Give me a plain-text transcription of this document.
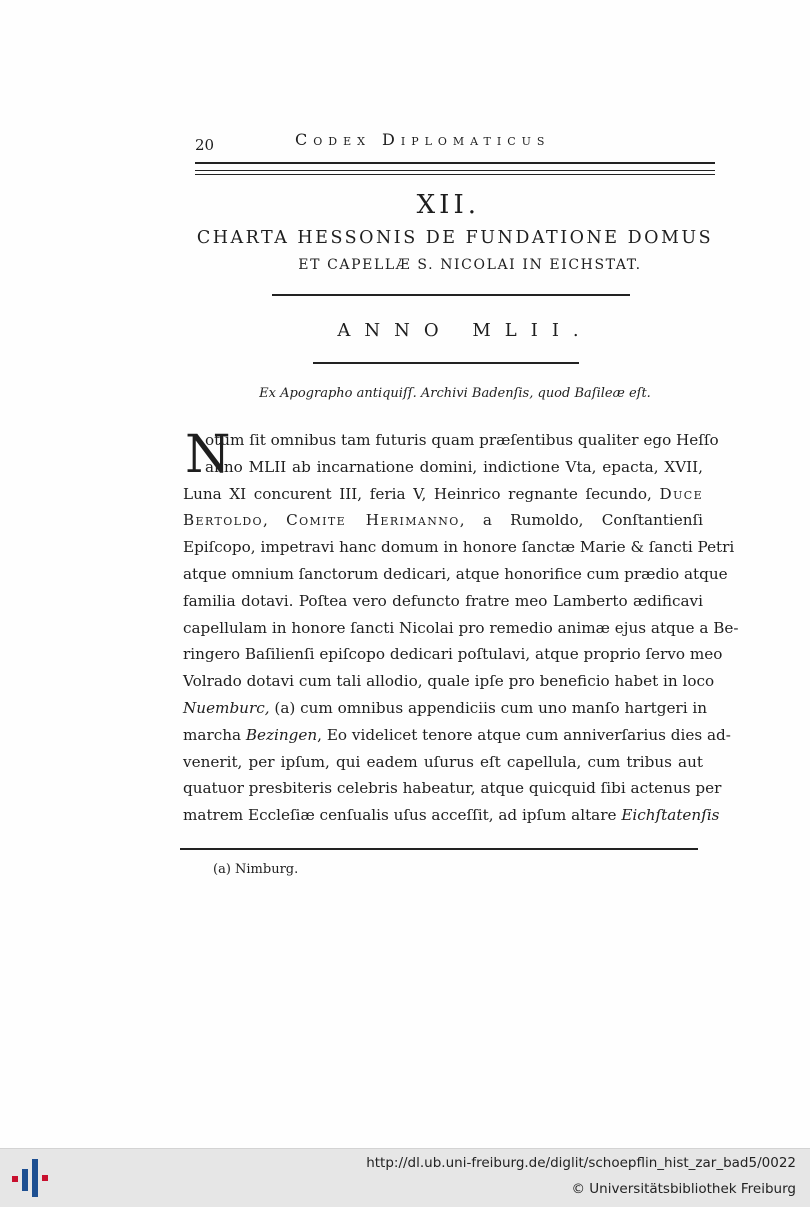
20	Codex Diplomaticus
XII.
CHARTA HESSONIS DE FUNDATIONE DOMUS
ET CAPELLÆ S. NICOLAI IN EICHSTAT.
ANNO MLII.
Ex Apographo antiquiſſ. Archivi Badenſis, quod Baſileæ eſt.
N
otum ſit omnibus tam futuris quam præſentibus qualiter ego Heſſo
anno MLII ab incarnatione domini, indictione Vta, epacta, XVII,
Luna XI concurent III, feria V, Heinrico regnante ſecundo, Duce
Bertoldo, Comite Herimanno, a Rumoldo, Conſtantienſi
Epiſcopo, impetravi hanc domum in honore ſanctæ Marie & ſancti Petri
atque omnium ſanctorum dedicari, atque honorifice cum prædio atque
familia dotavi. Poſtea vero defuncto fratre meo Lamberto ædificavi
capellulam in honore ſancti Nicolai pro remedio animæ ejus atque a Be-
ringero Baſilienſi epiſcopo dedicari poſtulavi, atque proprio ſervo meo
Volrado dotavi cum tali allodio, quale ipſe pro beneficio habet in loco
Nuemburc, (a) cum omnibus appendiciis cum uno manſo hartgeri in
marcha Bezingen, Eo videlicet tenore atque cum anniverſarius dies ad-
venerit, per ipſum, qui eadem uſurus eſt capellula, cum tribus aut
quatuor presbiteris celebris habeatur, atque quicquid ſibi actenus per
matrem Eccleſiæ cenſualis uſus acceſſit, ad ipſum altare Eichſtatenſis
(a) Nimburg.
http://dl.ub.uni-freiburg.de/diglit/schoepflin_hist_zar_bad5/0022
© Universitätsbibliothek Freiburg
